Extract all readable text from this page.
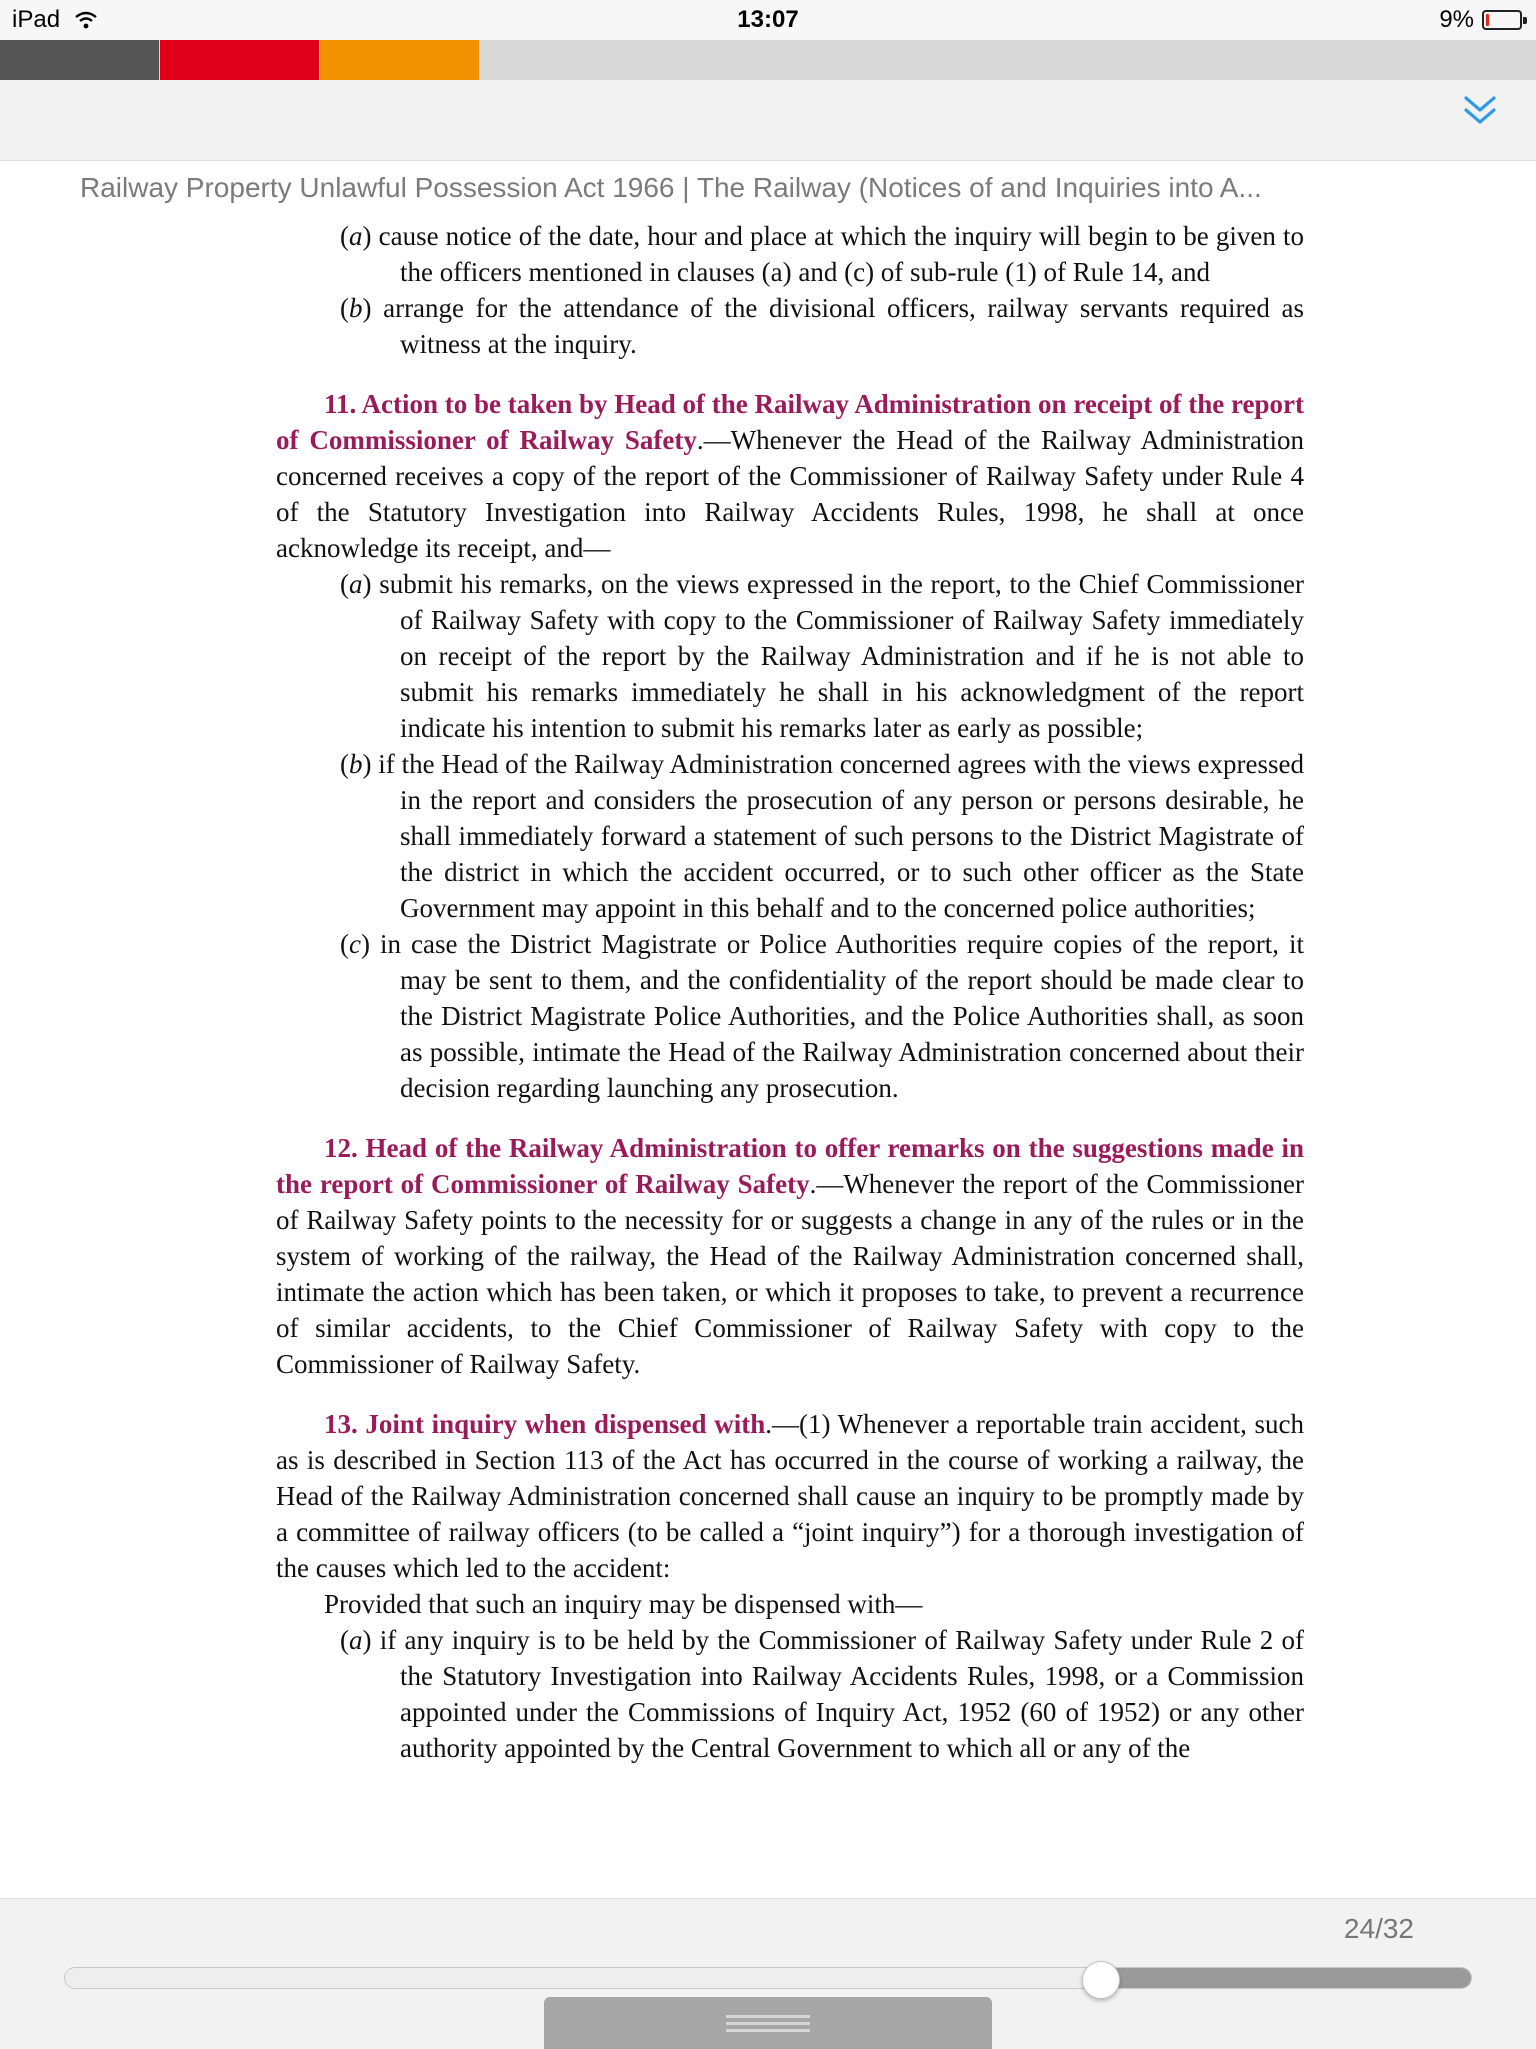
iPad	13:07	9%
Railway Property Unlawful Possession Act 1966 | The Railway (Notices of and Inquiries into A...

(a) cause notice of the date, hour and place at which the inquiry will begin to be given to the officers mentioned in clauses (a) and (c) of sub-rule (1) of Rule 14, and

(b) arrange for the attendance of the divisional officers, railway servants required as witness at the inquiry.

11. Action to be taken by Head of the Railway Administration on receipt of the report of Commissioner of Railway Safety.—Whenever the Head of the Railway Administration concerned receives a copy of the report of the Commissioner of Railway Safety under Rule 4 of the Statutory Investigation into Railway Accidents Rules, 1998, he shall at once acknowledge its receipt, and—

(a) submit his remarks, on the views expressed in the report, to the Chief Commissioner of Railway Safety with copy to the Commissioner of Railway Safety immediately on receipt of the report by the Railway Administration and if he is not able to submit his remarks immediately he shall in his acknowledgment of the report indicate his intention to submit his remarks later as early as possible;

(b) if the Head of the Railway Administration concerned agrees with the views expressed in the report and considers the prosecution of any person or persons desirable, he shall immediately forward a statement of such persons to the District Magistrate of the district in which the accident occurred, or to such other officer as the State Government may appoint in this behalf and to the concerned police authorities;

(c) in case the District Magistrate or Police Authorities require copies of the report, it may be sent to them, and the confidentiality of the report should be made clear to the District Magistrate Police Authorities, and the Police Authorities shall, as soon as possible, intimate the Head of the Railway Administration concerned about their decision regarding launching any prosecution.

12. Head of the Railway Administration to offer remarks on the suggestions made in the report of Commissioner of Railway Safety.—Whenever the report of the Commissioner of Railway Safety points to the necessity for or suggests a change in any of the rules or in the system of working of the railway, the Head of the Railway Administration concerned shall, intimate the action which has been taken, or which it proposes to take, to prevent a recurrence of similar accidents, to the Chief Commissioner of Railway Safety with copy to the Commissioner of Railway Safety.

13. Joint inquiry when dispensed with.—(1) Whenever a reportable train accident, such as is described in Section 113 of the Act has occurred in the course of working a railway, the Head of the Railway Administration concerned shall cause an inquiry to be promptly made by a committee of railway officers (to be called a “joint inquiry”) for a thorough investigation of the causes which led to the accident:

Provided that such an inquiry may be dispensed with—

(a) if any inquiry is to be held by the Commissioner of Railway Safety under Rule 2 of the Statutory Investigation into Railway Accidents Rules, 1998, or a Commission appointed under the Commissions of Inquiry Act, 1952 (60 of 1952) or any other authority appointed by the Central Government to which all or any of the

24/32
